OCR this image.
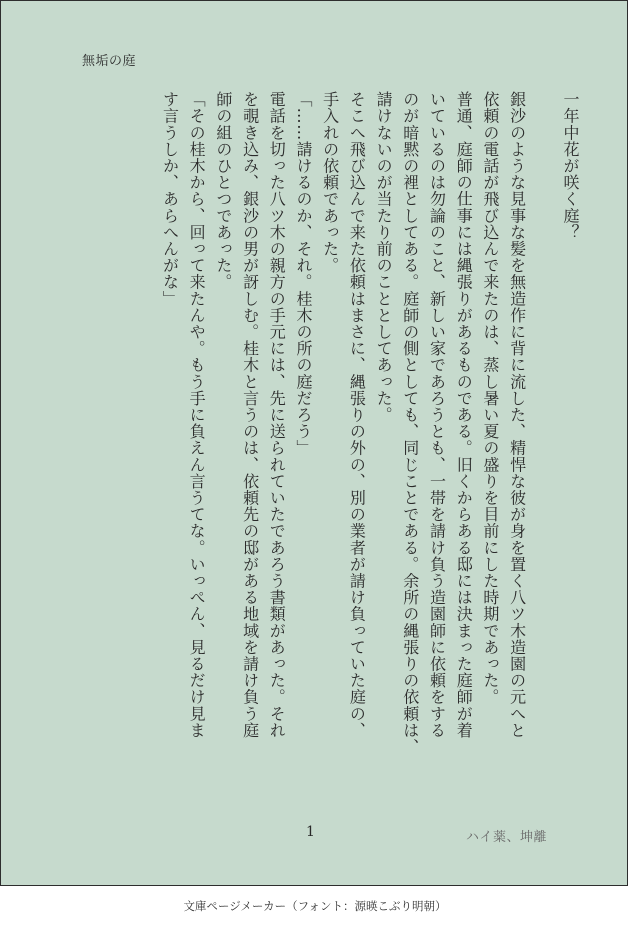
無垢の庭

一年中花が咲く庭？

銀沙のような見事な髪を無造作に背に流した、精悍な彼が身を置く八ツ木造園の元へと

依頼の電話が飛び込んで来たのは、蒸し暑い夏の盛りを目前にした時期であった。

普通、庭師の仕事には縄張りがあるものである。旧くからある邸には決まった庭師が着

いているのは勿論のこと、新しい家であろうとも、一帯を請け負う造園師に依頼をする

のが暗黙の裡としてある。庭師の側としても、同じことである。余所の縄張りの依頼は、

請けないのが当たり前のこととしてあった。

そこへ飛び込んで来た依頼はまさに、縄張りの外の、別の業者が請け負っていた庭の、

手入れの依頼であった。

「……請けるのか、それ。桂木の所の庭だろう」

電話を切った八ツ木の親方の手元には、先に送られていたであろう書類があった。それ

を覗き込み、銀沙の男が訝しむ。桂木と言うのは、依頼先の邸がある地域を請け負う庭

師の組のひとつであった。

「その桂木から、回って来たんや。もう手に負えん言うてな。いっぺん、見るだけ見ま

す言うしか、あらへんがな」

1	ハイ薬、坤離
文庫ページメーカー（フォント：源暎こぶり明朝）
